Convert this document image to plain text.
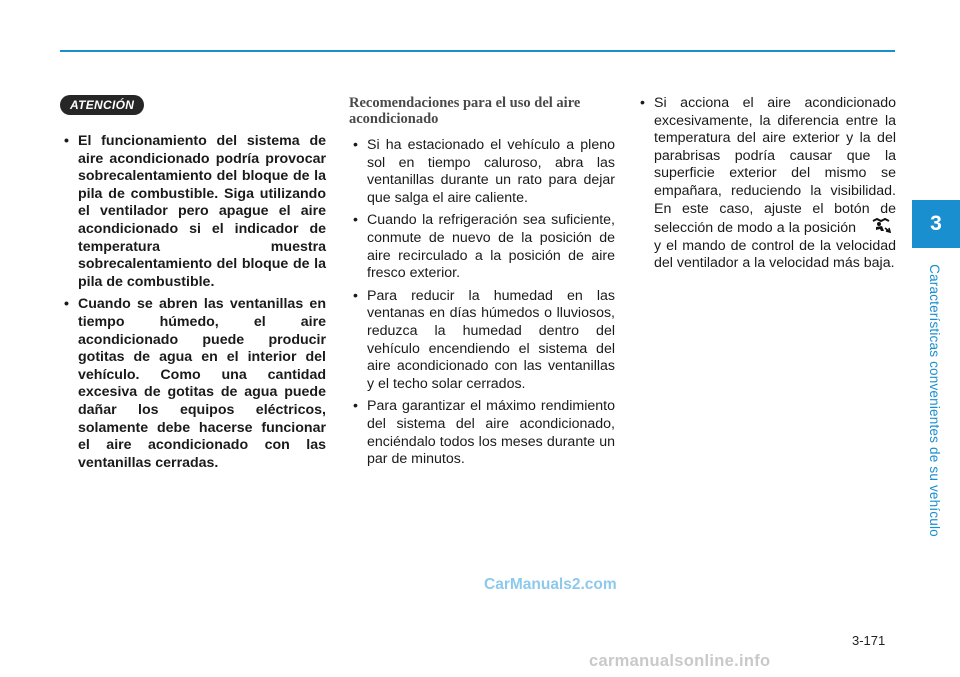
3
Características convenientes de su vehículo
ATENCIÓN
• El funcionamiento del sistema de aire acondicionado podría provocar sobrecalentamiento del bloque de la pila de combustible. Siga utilizando el ventilador pero apague el aire acondicionado si el indicador de temperatura muestra sobrecalentamiento del bloque de la pila de combustible.
• Cuando se abren las ventanillas en tiempo húmedo, el aire acondicionado puede producir gotitas de agua en el interior del vehículo. Como una cantidad excesiva de gotitas de agua puede dañar los equipos eléctricos, solamente debe hacerse funcionar el aire acondicionado con las ventanillas cerradas.
Recomendaciones para el uso del aire acondicionado
• Si ha estacionado el vehículo a pleno sol en tiempo caluroso, abra las ventanillas durante un rato para dejar que salga el aire caliente.
• Cuando la refrigeración sea suficiente, conmute de nuevo de la posición de aire recirculado a la posición de aire fresco exterior.
• Para reducir la humedad en las ventanas en días húmedos o lluviosos, reduzca la humedad dentro del vehículo encendiendo el sistema del aire acondicionado con las ventanillas y el techo solar cerrados.
• Para garantizar el máximo rendimiento del sistema del aire acondicionado, enciéndalo todos los meses durante un par de minutos.
• Si acciona el aire acondicionado excesivamente, la diferencia entre la temperatura del aire exterior y la del parabrisas podría causar que la superficie exterior del mismo se empañara, reduciendo la visibilidad. En este caso, ajuste el botón de selección de modo a la posicióny el mando de control de la velocidad del ventilador a la velocidad más baja.
3-171
CarManuals2.com
carmanualsonline.info
